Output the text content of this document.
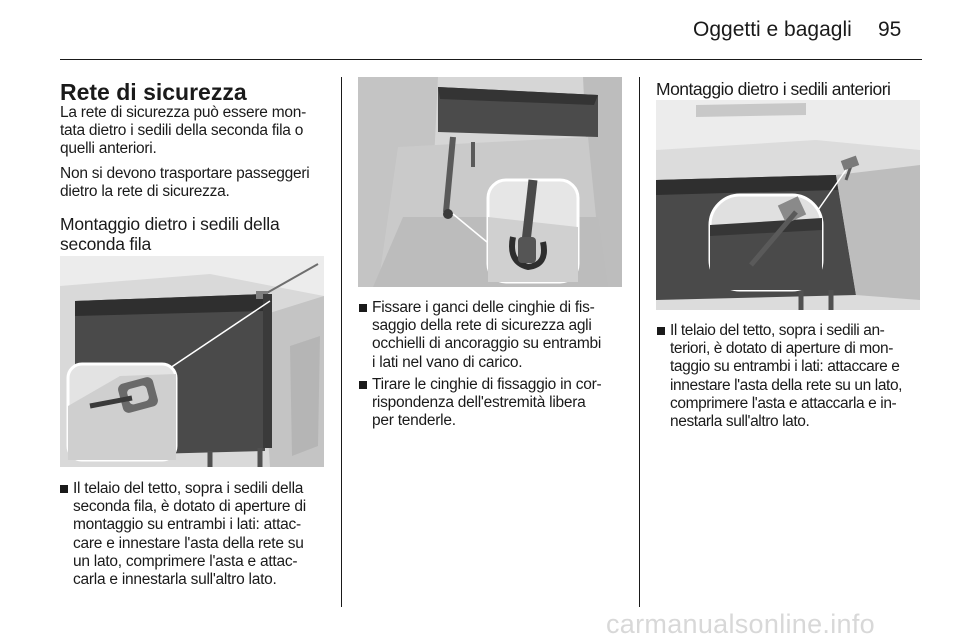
Oggetti e bagagli 95
Rete di sicurezza
La rete di sicurezza può essere mon-
tata dietro i sedili della seconda fila o
quelli anteriori.
Non si devono trasportare passeggeri
dietro la rete di sicurezza.
Montaggio dietro i sedili della
seconda fila
Il telaio del tetto, sopra i sedili della
seconda fila, è dotato di aperture di
montaggio su entrambi i lati: attac-
care e innestare l'asta della rete su
un lato, comprimere l'asta e attac-
carla e innestarla sull'altro lato.
Fissare i ganci delle cinghie di fis-
saggio della rete di sicurezza agli
occhielli di ancoraggio su entrambi
i lati nel vano di carico.
Tirare le cinghie di fissaggio in cor-
rispondenza dell'estremità libera
per tenderle.
Montaggio dietro i sedili anteriori
Il telaio del tetto, sopra i sedili an-
teriori, è dotato di aperture di mon-
taggio su entrambi i lati: attaccare e
innestare l'asta della rete su un lato,
comprimere l'asta e attaccarla e in-
nestarla sull'altro lato.
carmanualsonline.info
